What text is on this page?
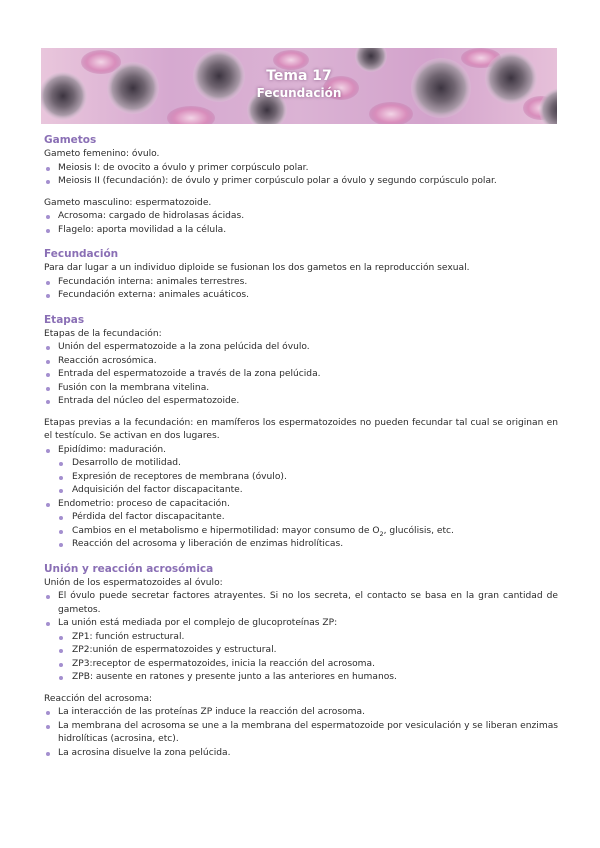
Tema 17
Fecundación
Gametos

Gameto femenino: óvulo.

Meiosis I: de ovocito a óvulo y primer corpúsculo polar.
Meiosis II (fecundación): de óvulo y primer corpúsculo polar a óvulo y segundo corpúsculo polar.

Gameto masculino: espermatozoide.

Acrosoma: cargado de hidrolasas ácidas.
Flagelo: aporta movilidad a la célula.
Fecundación

Para dar lugar a un individuo diploide se fusionan los dos gametos en la reproducción sexual.

Fecundación interna: animales terrestres.
Fecundación externa: animales acuáticos.
Etapas

Etapas de la fecundación:

Unión del espermatozoide a la zona pelúcida del óvulo.
Reacción acrosómica.
Entrada del espermatozoide a través de la zona pelúcida.
Fusión con la membrana vitelina.
Entrada del núcleo del espermatozoide.

Etapas previas a la fecundación: en mamíferos los espermatozoides no pueden fecundar tal cual se originan en el testículo. Se activan en dos lugares.

Epidídimo: maduración.
Desarrollo de motilidad.
Expresión de receptores de membrana (óvulo).
Adquisición del factor discapacitante.
Endometrio: proceso de capacitación.
Pérdida del factor discapacitante.
Cambios en el metabolismo e hipermotilidad: mayor consumo de $O_2$, glucólisis, etc.
Reacción del acrosoma y liberación de enzimas hidrolíticas.
Unión y reacción acrosómica

Unión de los espermatozoides al óvulo:

El óvulo puede secretar factores atrayentes. Si no los secreta, el contacto se basa en la gran cantidad de gametos.
La unión está mediada por el complejo de glucoproteínas ZP:
ZP1: función estructural.
ZP2:unión de espermatozoides y estructural.
ZP3:receptor de espermatozoides, inicia la reacción del acrosoma.
ZPB: ausente en ratones y presente junto a las anteriores en humanos.

Reacción del acrosoma:

La interacción de las proteínas ZP induce la reacción del acrosoma.
La membrana del acrosoma se une a la membrana del espermatozoide por vesiculación y se liberan enzimas hidrolíticas (acrosina, etc).
La acrosina disuelve la zona pelúcida.
